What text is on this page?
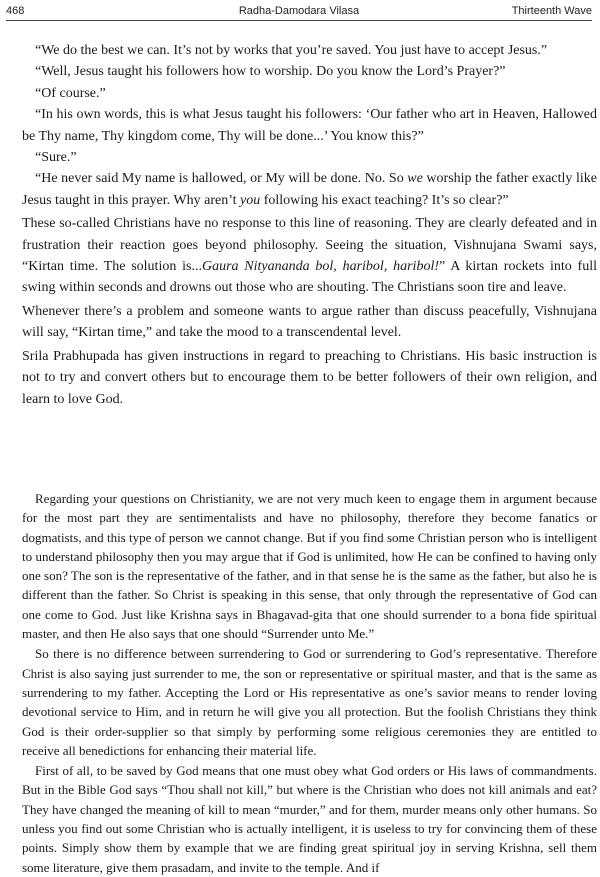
468	Radha-Damodara Vilasa	Thirteenth Wave

“We do the best we can. It’s not by works that you’re saved. You just have to accept Jesus.”

“Well, Jesus taught his followers how to worship. Do you know the Lord’s Prayer?”

“Of course.”

“In his own words, this is what Jesus taught his followers: ‘Our father who art in Heaven, Hallowed be Thy name, Thy kingdom come, Thy will be done...’ You know this?”

“Sure.”

“He never said My name is hallowed, or My will be done. No. So we worship the father exactly like Jesus taught in this prayer. Why aren’t you following his exact teaching? It’s so clear?”

These so-called Christians have no response to this line of reasoning. They are clearly defeated and in frustration their reaction goes beyond philosophy. Seeing the situation, Vishnujana Swami says, “Kirtan time. The solution is...Gaura Nityananda bol, haribol, haribol!” A kirtan rockets into full swing within seconds and drowns out those who are shouting. The Christians soon tire and leave.

Whenever there’s a problem and someone wants to argue rather than discuss peacefully, Vishnujana will say, “Kirtan time,” and take the mood to a transcendental level.

Srila Prabhupada has given instructions in regard to preaching to Christians. His basic instruction is not to try and convert others but to encourage them to be better followers of their own religion, and learn to love God.

Regarding your questions on Christianity, we are not very much keen to engage them in argument because for the most part they are sentimentalists and have no philosophy, therefore they become fanatics or dogmatists, and this type of person we cannot change. But if you find some Christian person who is intelligent to understand philosophy then you may argue that if God is unlimited, how He can be confined to having only one son? The son is the representative of the father, and in that sense he is the same as the father, but also he is different than the father. So Christ is speaking in this sense, that only through the representative of God can one come to God. Just like Krishna says in Bhagavad-gita that one should surrender to a bona fide spiritual master, and then He also says that one should “Surrender unto Me.”

So there is no difference between surrendering to God or surrendering to God’s representative. Therefore Christ is also saying just surrender to me, the son or representative or spiritual master, and that is the same as surrendering to my father. Accepting the Lord or His representative as one’s savior means to render loving devotional service to Him, and in return he will give you all protection. But the foolish Christians they think God is their order-supplier so that simply by performing some religious ceremonies they are entitled to receive all benedictions for enhancing their material life.

First of all, to be saved by God means that one must obey what God orders or His laws of commandments. But in the Bible God says “Thou shall not kill,” but where is the Christian who does not kill animals and eat? They have changed the meaning of kill to mean “murder,” and for them, murder means only other humans. So unless you find out some Christian who is actually intelligent, it is useless to try for convincing them of these points. Simply show them by example that we are finding great spiritual joy in serving Krishna, sell them some literature, give them prasadam, and invite to the temple. And if
